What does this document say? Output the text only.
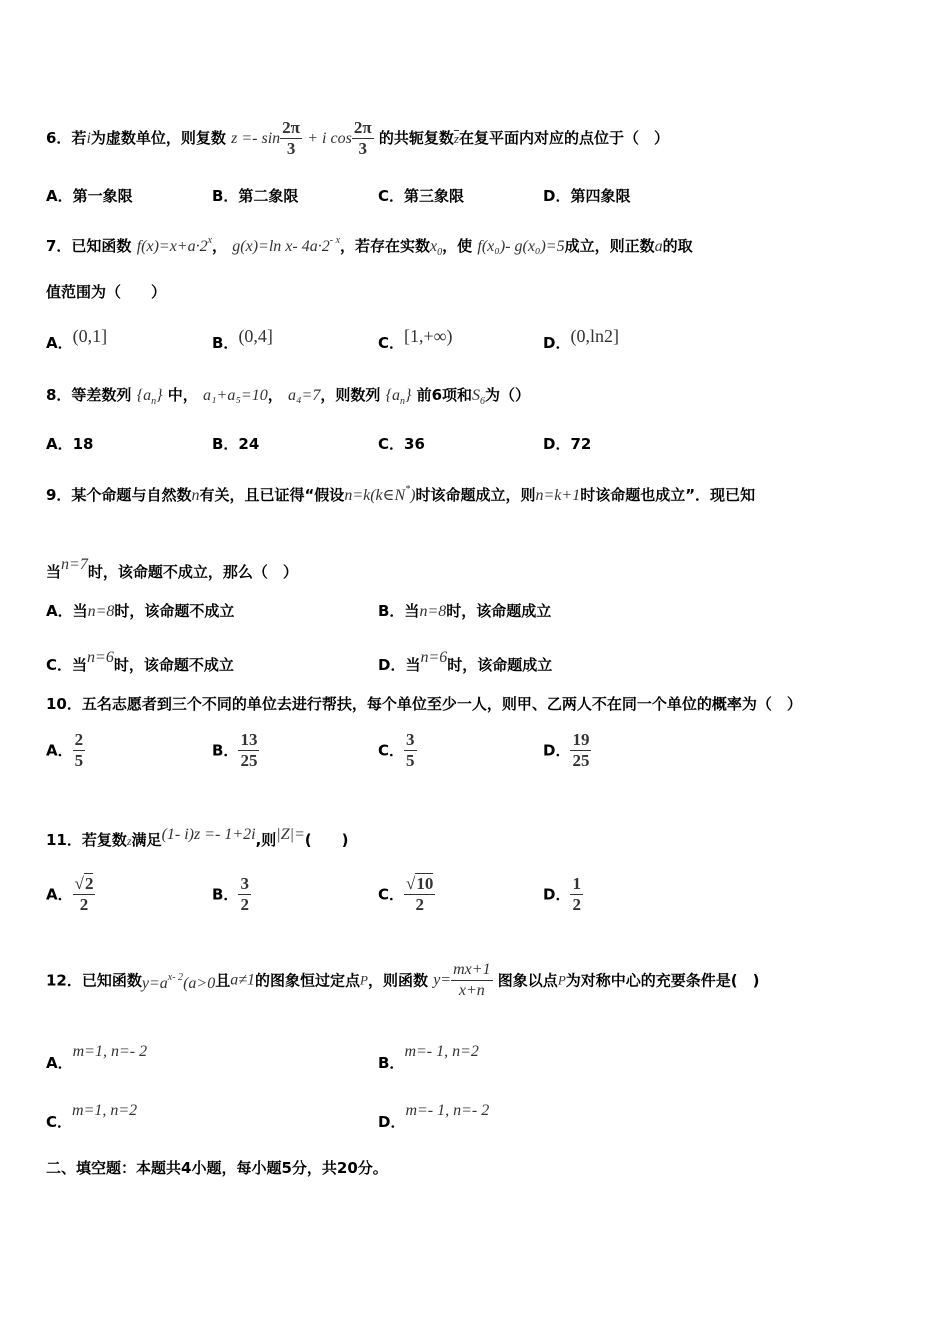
6．若i为虚数单位，则复数 $z =- \sin \frac{2\pi}{3} + i$ $\cos \frac{2\pi}{3}$ 的共轭复数$\overline{z}$在复平面内对应的点位于（　）
A．第一象限	B．第二象限	C．第三象限	D．第四象限
7．已知函数 $f(x)=x+a\cdot 2^x$， g(x)=ln x- $4a\cdot 2^{- x}$，若存在实数$x_0$，使 f(x₀)- g(x₀)=5成立，则正数a的取
值范围为（　　）
A．(0,1]	B．(0,4]	C．[1,+∞)	D．(0,ln2]
8．等差数列 $\{a_n\}$ 中， a₁+a₅=10， a₄=7，则数列 $\{a_n\}$ 前6项和$S_6$为（）
A．18	B．24	C．36	D．72
9．某个命题与自然数n有关，且已证得“假设n=k(k∈N*)时该命题成立，则n=k+1时该命题也成立”．现已知
当n=7时，该命题不成立，那么（　）
A．当n=8时，该命题不成立	B．当n=8时，该命题成立
C．当n=6时，该命题不成立	D．当n=6时，该命题成立
10．五名志愿者到三个不同的单位去进行帮扶，每个单位至少一人，则甲、乙两人不在同一个单位的概率为（　）
A． $\frac{2}{5}$	B． $\frac{13}{25}$	C． $\frac{3}{5}$	D． $\frac{19}{25}$
11．若复数z满足(1- i)z =- 1+2i,则|Z|=(　　)
A． $\frac{√2}{2}$	B． $\frac{3}{2}$	C． $\frac{√10}{2}$	D． $\frac{1}{2}$
12．已知函数$y=a^{x- 2}(a>0$且a≠1的图象恒过定点P，则函数 $y= \frac{mx+1}{x+n}$ 图象以点P为对称中心的充要条件是(　)
A．m=1, n=- 2
B．m=- 1, n=2
C．m=1, n=2
D．m=- 1, n=- 2
二、填空题：本题共4小题，每小题5分，共20分。
